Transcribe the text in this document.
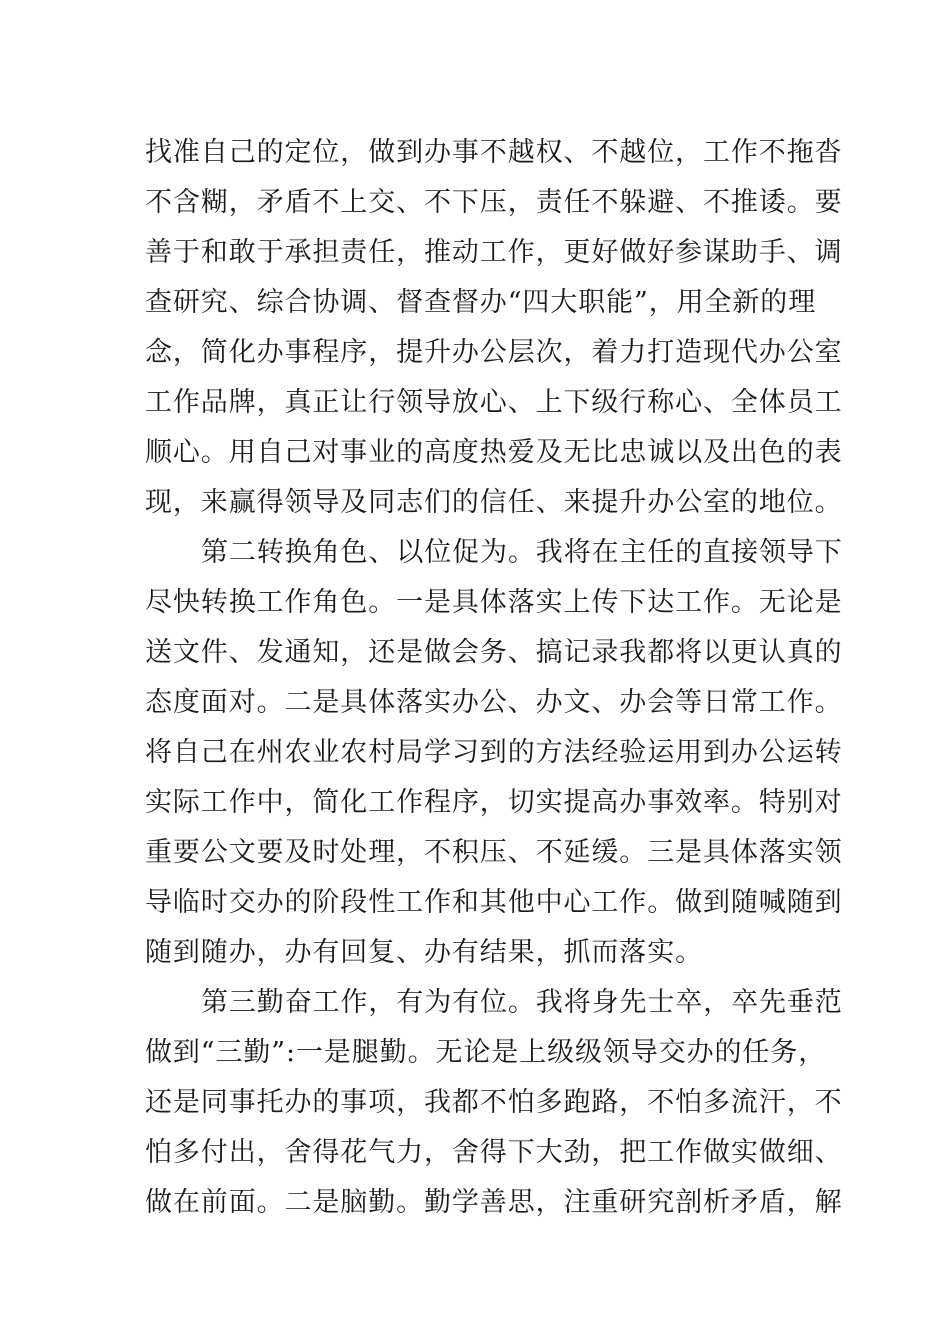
找准自己的定位，做到办事不越权、不越位，工作不拖沓
不含糊，矛盾不上交、不下压，责任不躲避、不推诿。要
善于和敢于承担责任，推动工作，更好做好参谋助手、调
查研究、综合协调、督查督办“四大职能”，用全新的理
念，简化办事程序，提升办公层次，着力打造现代办公室
工作品牌，真正让行领导放心、上下级行称心、全体员工
顺心。用自己对事业的高度热爱及无比忠诚以及出色的表
现，来赢得领导及同志们的信任、来提升办公室的地位。
第二转换角色、以位促为。我将在主任的直接领导下
尽快转换工作角色。一是具体落实上传下达工作。无论是
送文件、发通知，还是做会务、搞记录我都将以更认真的
态度面对。二是具体落实办公、办文、办会等日常工作。
将自己在州农业农村局学习到的方法经验运用到办公运转
实际工作中，简化工作程序，切实提高办事效率。特别对
重要公文要及时处理，不积压、不延缓。三是具体落实领
导临时交办的阶段性工作和其他中心工作。做到随喊随到
随到随办，办有回复、办有结果，抓而落实。
第三勤奋工作，有为有位。我将身先士卒，卒先垂范
做到“三勤”:一是腿勤。无论是上级级领导交办的任务，
还是同事托办的事项，我都不怕多跑路，不怕多流汗，不
怕多付出，舍得花气力，舍得下大劲，把工作做实做细、
做在前面。二是脑勤。勤学善思，注重研究剖析矛盾，解
